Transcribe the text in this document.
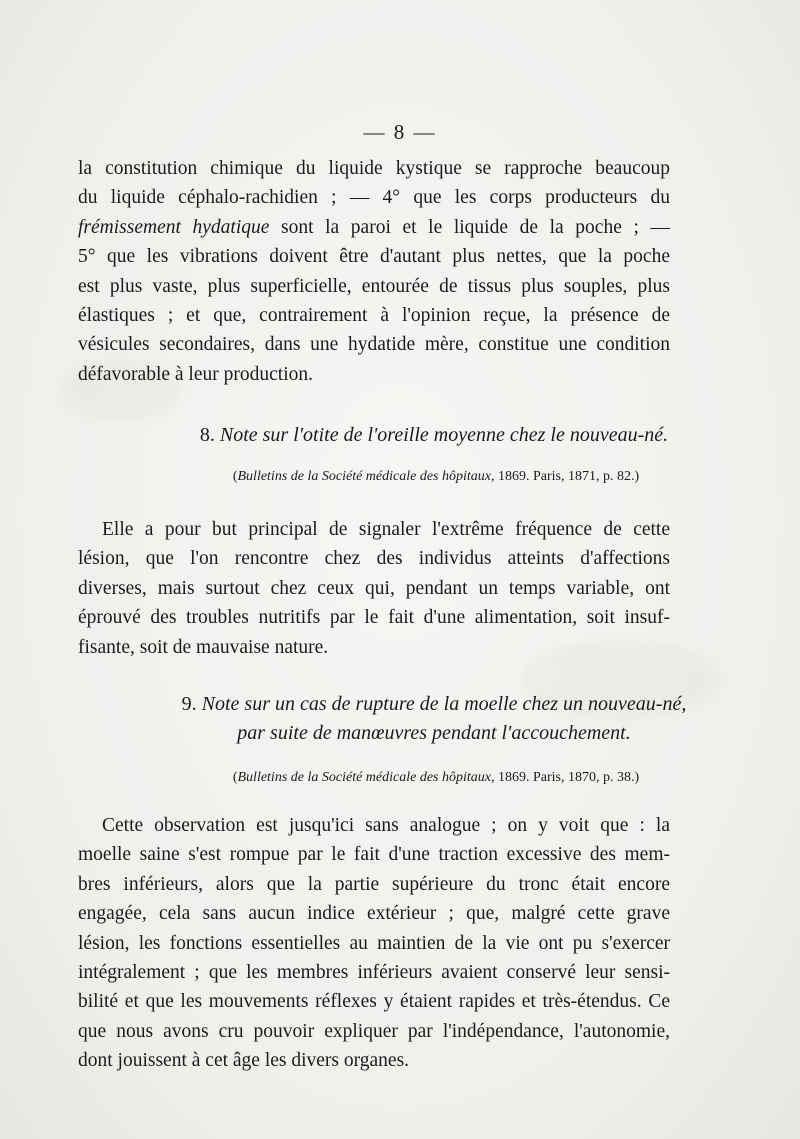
— 8 —
la constitution chimique du liquide kystique se rapproche beaucoup
du liquide céphalo-rachidien ; — 4° que les corps producteurs du
frémissement hydatique sont la paroi et le liquide de la poche ; —
5° que les vibrations doivent être d'autant plus nettes, que la poche
est plus vaste, plus superficielle, entourée de tissus plus souples, plus
élastiques ; et que, contrairement à l'opinion reçue, la présence de
vésicules secondaires, dans une hydatide mère, constitue une condition
défavorable à leur production.
8. Note sur l'otite de l'oreille moyenne chez le nouveau-né.
(Bulletins de la Société médicale des hôpitaux, 1869. Paris, 1871, p. 82.)
Elle a pour but principal de signaler l'extrême fréquence de cette
lésion, que l'on rencontre chez des individus atteints d'affections
diverses, mais surtout chez ceux qui, pendant un temps variable, ont
éprouvé des troubles nutritifs par le fait d'une alimentation, soit insuf-
fisante, soit de mauvaise nature.
9. Note sur un cas de rupture de la moelle chez un nouveau-né,
par suite de manœuvres pendant l'accouchement.
(Bulletins de la Société médicale des hôpitaux, 1869. Paris, 1870, p. 38.)
Cette observation est jusqu'ici sans analogue ; on y voit que : la
moelle saine s'est rompue par le fait d'une traction excessive des mem-
bres inférieurs, alors que la partie supérieure du tronc était encore
engagée, cela sans aucun indice extérieur ; que, malgré cette grave
lésion, les fonctions essentielles au maintien de la vie ont pu s'exercer
intégralement ; que les membres inférieurs avaient conservé leur sensi-
bilité et que les mouvements réflexes y étaient rapides et très-étendus. Ce
que nous avons cru pouvoir expliquer par l'indépendance, l'autonomie,
dont jouissent à cet âge les divers organes.
